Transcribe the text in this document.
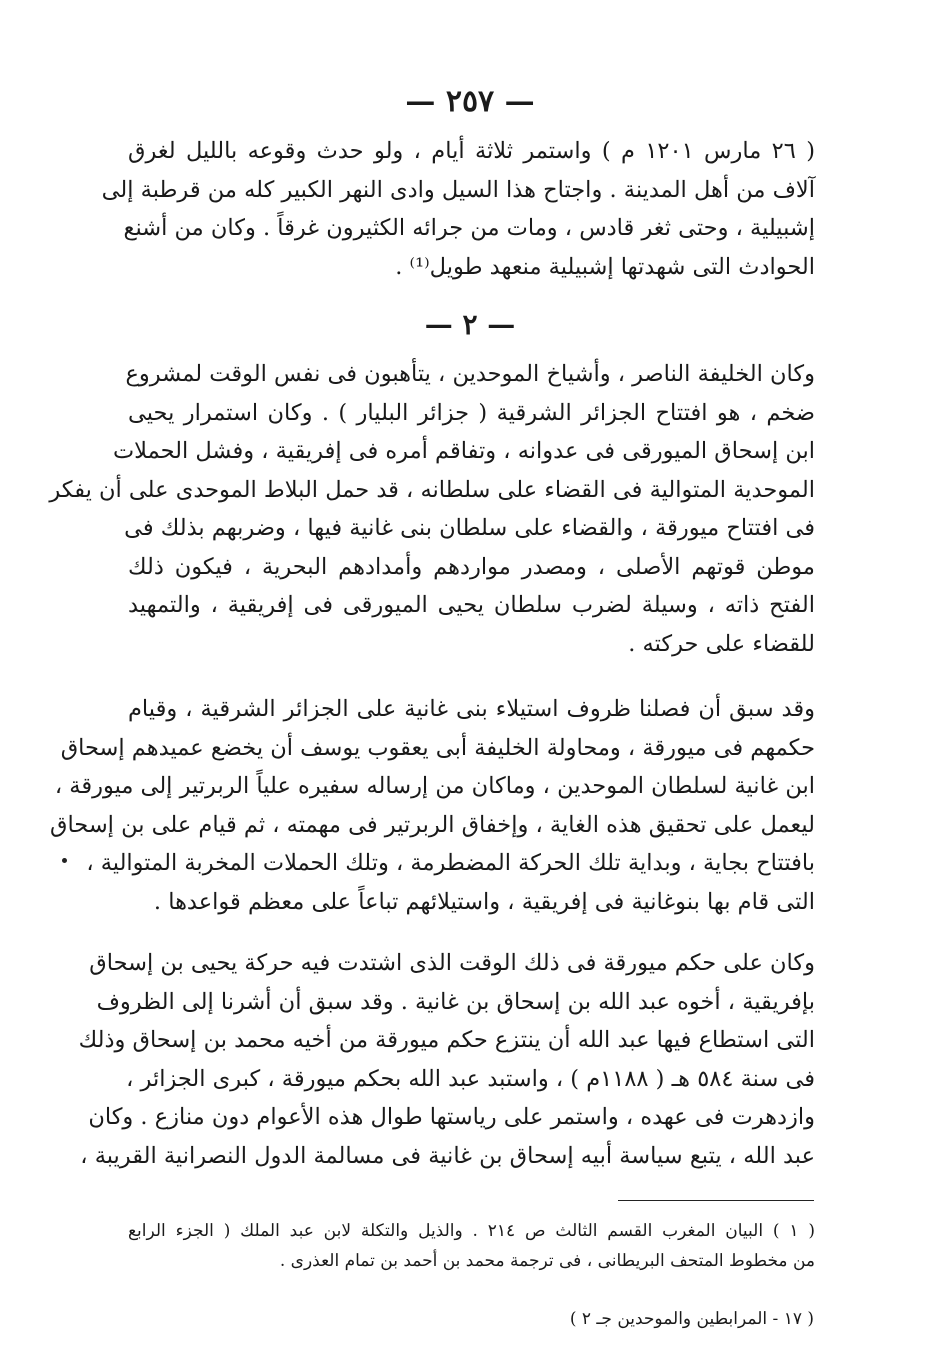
— ٢٥٧ —
( ٢٦ مارس ١٢٠١ م ) واستمر ثلاثة أيام ، ولو حدث وقوعه بالليل لغرق
آلاف من أهل المدينة . واجتاح هذا السيل وادى النهر الكبير كله من قرطبة إلى
إشبيلية ، وحتى ثغر قادس ، ومات من جرائه الكثيرون غرقاً . وكان من أشنع
الحوادث التى شهدتها إشبيلية منعهد طويل⁽¹⁾ .
— ٢ —
وكان الخليفة الناصر ، وأشياخ الموحدين ، يتأهبون فى نفس الوقت لمشروع
ضخم ، هو افتتاح الجزائر الشرقية ( جزائر البليار ) . وكان استمرار يحيى
ابن إسحاق الميورقى فى عدوانه ، وتفاقم أمره فى إفريقية ، وفشل الحملات
الموحدية المتوالية فى القضاء على سلطانه ، قد حمل البلاط الموحدى على أن يفكر
فى افتتاح ميورقة ، والقضاء على سلطان بنى غانية فيها ، وضربهم بذلك فى
موطن قوتهم الأصلى ، ومصدر مواردهم وأمدادهم البحرية ، فيكون ذلك
الفتح ذاته ، وسيلة لضرب سلطان يحيى الميورقى فى إفريقية ، والتمهيد
للقضاء على حركته .
وقد سبق أن فصلنا ظروف استيلاء بنى غانية على الجزائر الشرقية ، وقيام
حكمهم فى ميورقة ، ومحاولة الخليفة أبى يعقوب يوسف أن يخضع عميدهم إسحاق
ابن غانية لسلطان الموحدين ، وماكان من إرساله سفيره علياً الربرتير إلى ميورقة ،
ليعمل على تحقيق هذه الغاية ، وإخفاق الربرتير فى مهمته ، ثم قيام على بن إسحاق
بافتتاح بجاية ، وبداية تلك الحركة المضطرمة ، وتلك الحملات المخربة المتوالية ،
التى قام بها بنوغانية فى إفريقية ، واستيلائهم تباعاً على معظم قواعدها .
وكان على حكم ميورقة فى ذلك الوقت الذى اشتدت فيه حركة يحيى بن إسحاق
بإفريقية ، أخوه عبد الله بن إسحاق بن غانية . وقد سبق أن أشرنا إلى الظروف
التى استطاع فيها عبد الله أن ينتزع حكم ميورقة من أخيه محمد بن إسحاق وذلك
فى سنة ٥٨٤ هـ ( ١١٨٨م ) ، واستبد عبد الله بحكم ميورقة ، كبرى الجزائر ،
وازدهرت فى عهده ، واستمر على رياستها طوال هذه الأعوام دون منازع . وكان
عبد الله ، يتبع سياسة أبيه إسحاق بن غانية فى مسالمة الدول النصرانية القريبة ،
( ١ ) البيان المغرب القسم الثالث ص ٢١٤ . والذيل والتكلة لابن عبد الملك ( الجزء الرابع
من مخطوط المتحف البريطانى ، فى ترجمة محمد بن أحمد بن تمام العذرى .
( ١٧ - المرابطين والموحدين جـ ٢ )
